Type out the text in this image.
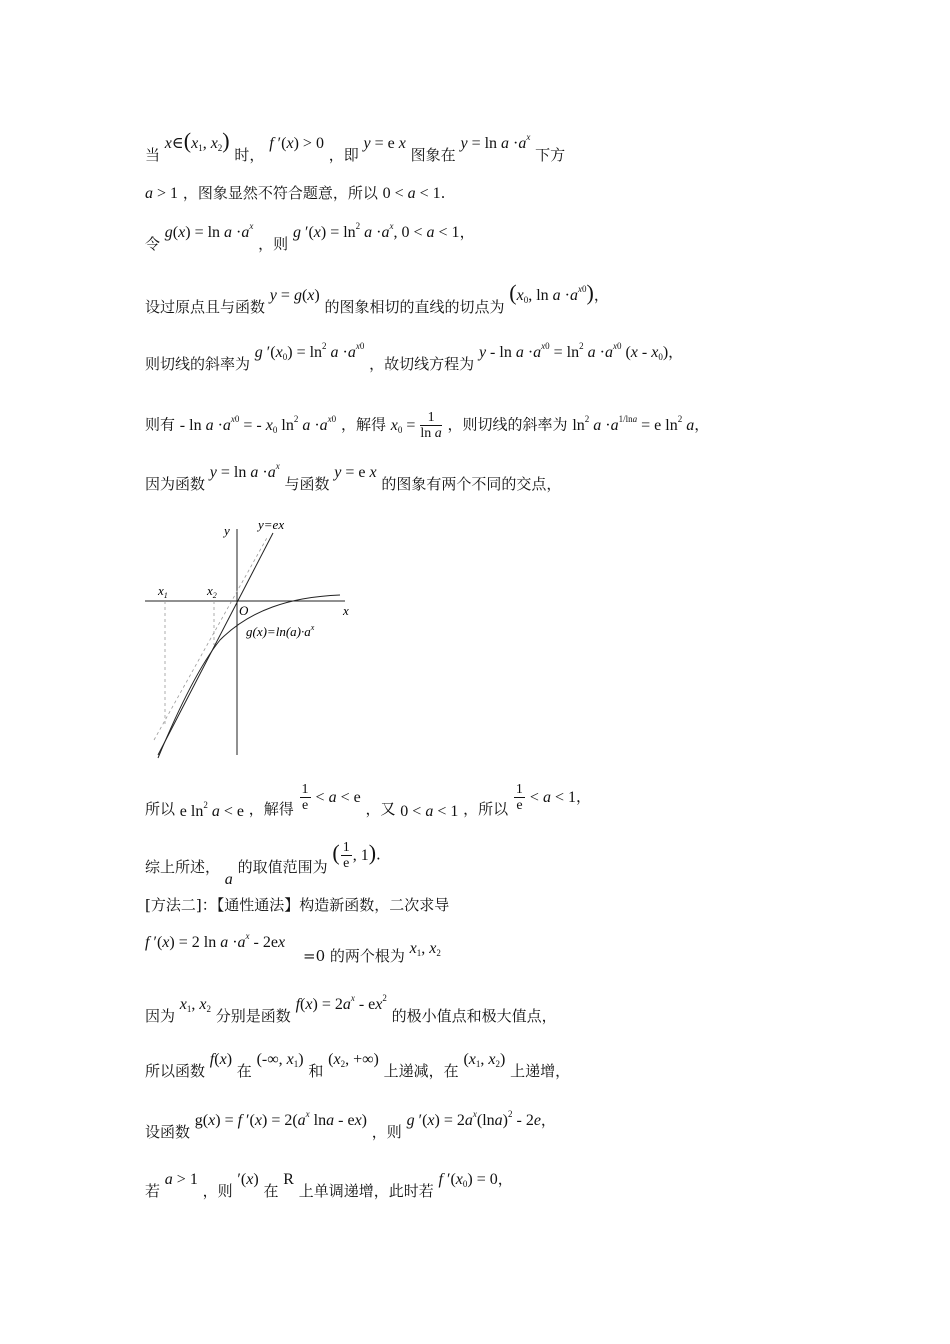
当 $x\in(x_1$, $x_2$) 时， f ′(x) > 0 ，即 y = e x 图象在 $y = \ln a \cdot a^x$ 下方
a > 1 ，图象显然不符合题意，所以 0 < a < 1.
令 $g(x) = \ln a \cdot a^x$ ，则 g $'(x) = \ln^2 a \cdot a^x$, 0 < a < 1，
设过原点且与函数 y = g(x) 的图象相切的直线的切点为 ($x_0$, $\ln a \cdot a^{x0}$)，
则切线的斜率为 g $'(x_0) = \ln^2 a \cdot a^{x0}$ ，故切线方程为 $y - \ln a \cdot a^{x0} = \ln^2 a \cdot a^{x0}$ $(x - x_0)$，
则有 - $\ln a \cdot a^{x0}$ = - $x_0$ $\ln^2 a \cdot a^{x0}$ ，解得 $x_0 = \frac{1}{\text{ln a}}$ ，则切线的斜率为 $\ln^2 a \cdot a^{1/lna} = e$ $\ln^2 a$，
因为函数 $y = \ln a \cdot a^x$ 与函数 y = e x 的图象有两个不同的交点，
y
x
O
y=ex
$g(x)=\ln(a)\cdot a^x$
$x_1$	$x_2$
所以 e $\ln^2 a < e$ ，解得 $\frac{1}{e} < a < e$ ，又 0 < a < 1 ，所以 $\frac{1}{e} < a < 1$，
综上所述， a 的取值范围为 ( $\frac{1}{e}$ , 1).
[方法二]：【通性通法】构造新函数，二次求导
f ′(x) = 2 $\ln a \cdot a^x - 2ex$
=0 的两个根为 $x_1$, $x_2$
因为 $x_1$, $x_2$ 分别是函数 $f(x) = 2a^x - ex^2$ 的极小值点和极大值点，
所以函数 f(x) 在 (-∞, $x_1$) 和 ($x_2$, +∞) 上递减，在 ($x_1$, $x_2$) 上递增，
设函数 g(x) = f $'(x) = 2(a^x$ lna - ex) ，则 g $'(x) = 2a^x(\ln a)^2 - 2e$，
若 a > 1 ，则 ′(x) 在 R 上单调递增，此时若 f $'(x_0) = 0$，
